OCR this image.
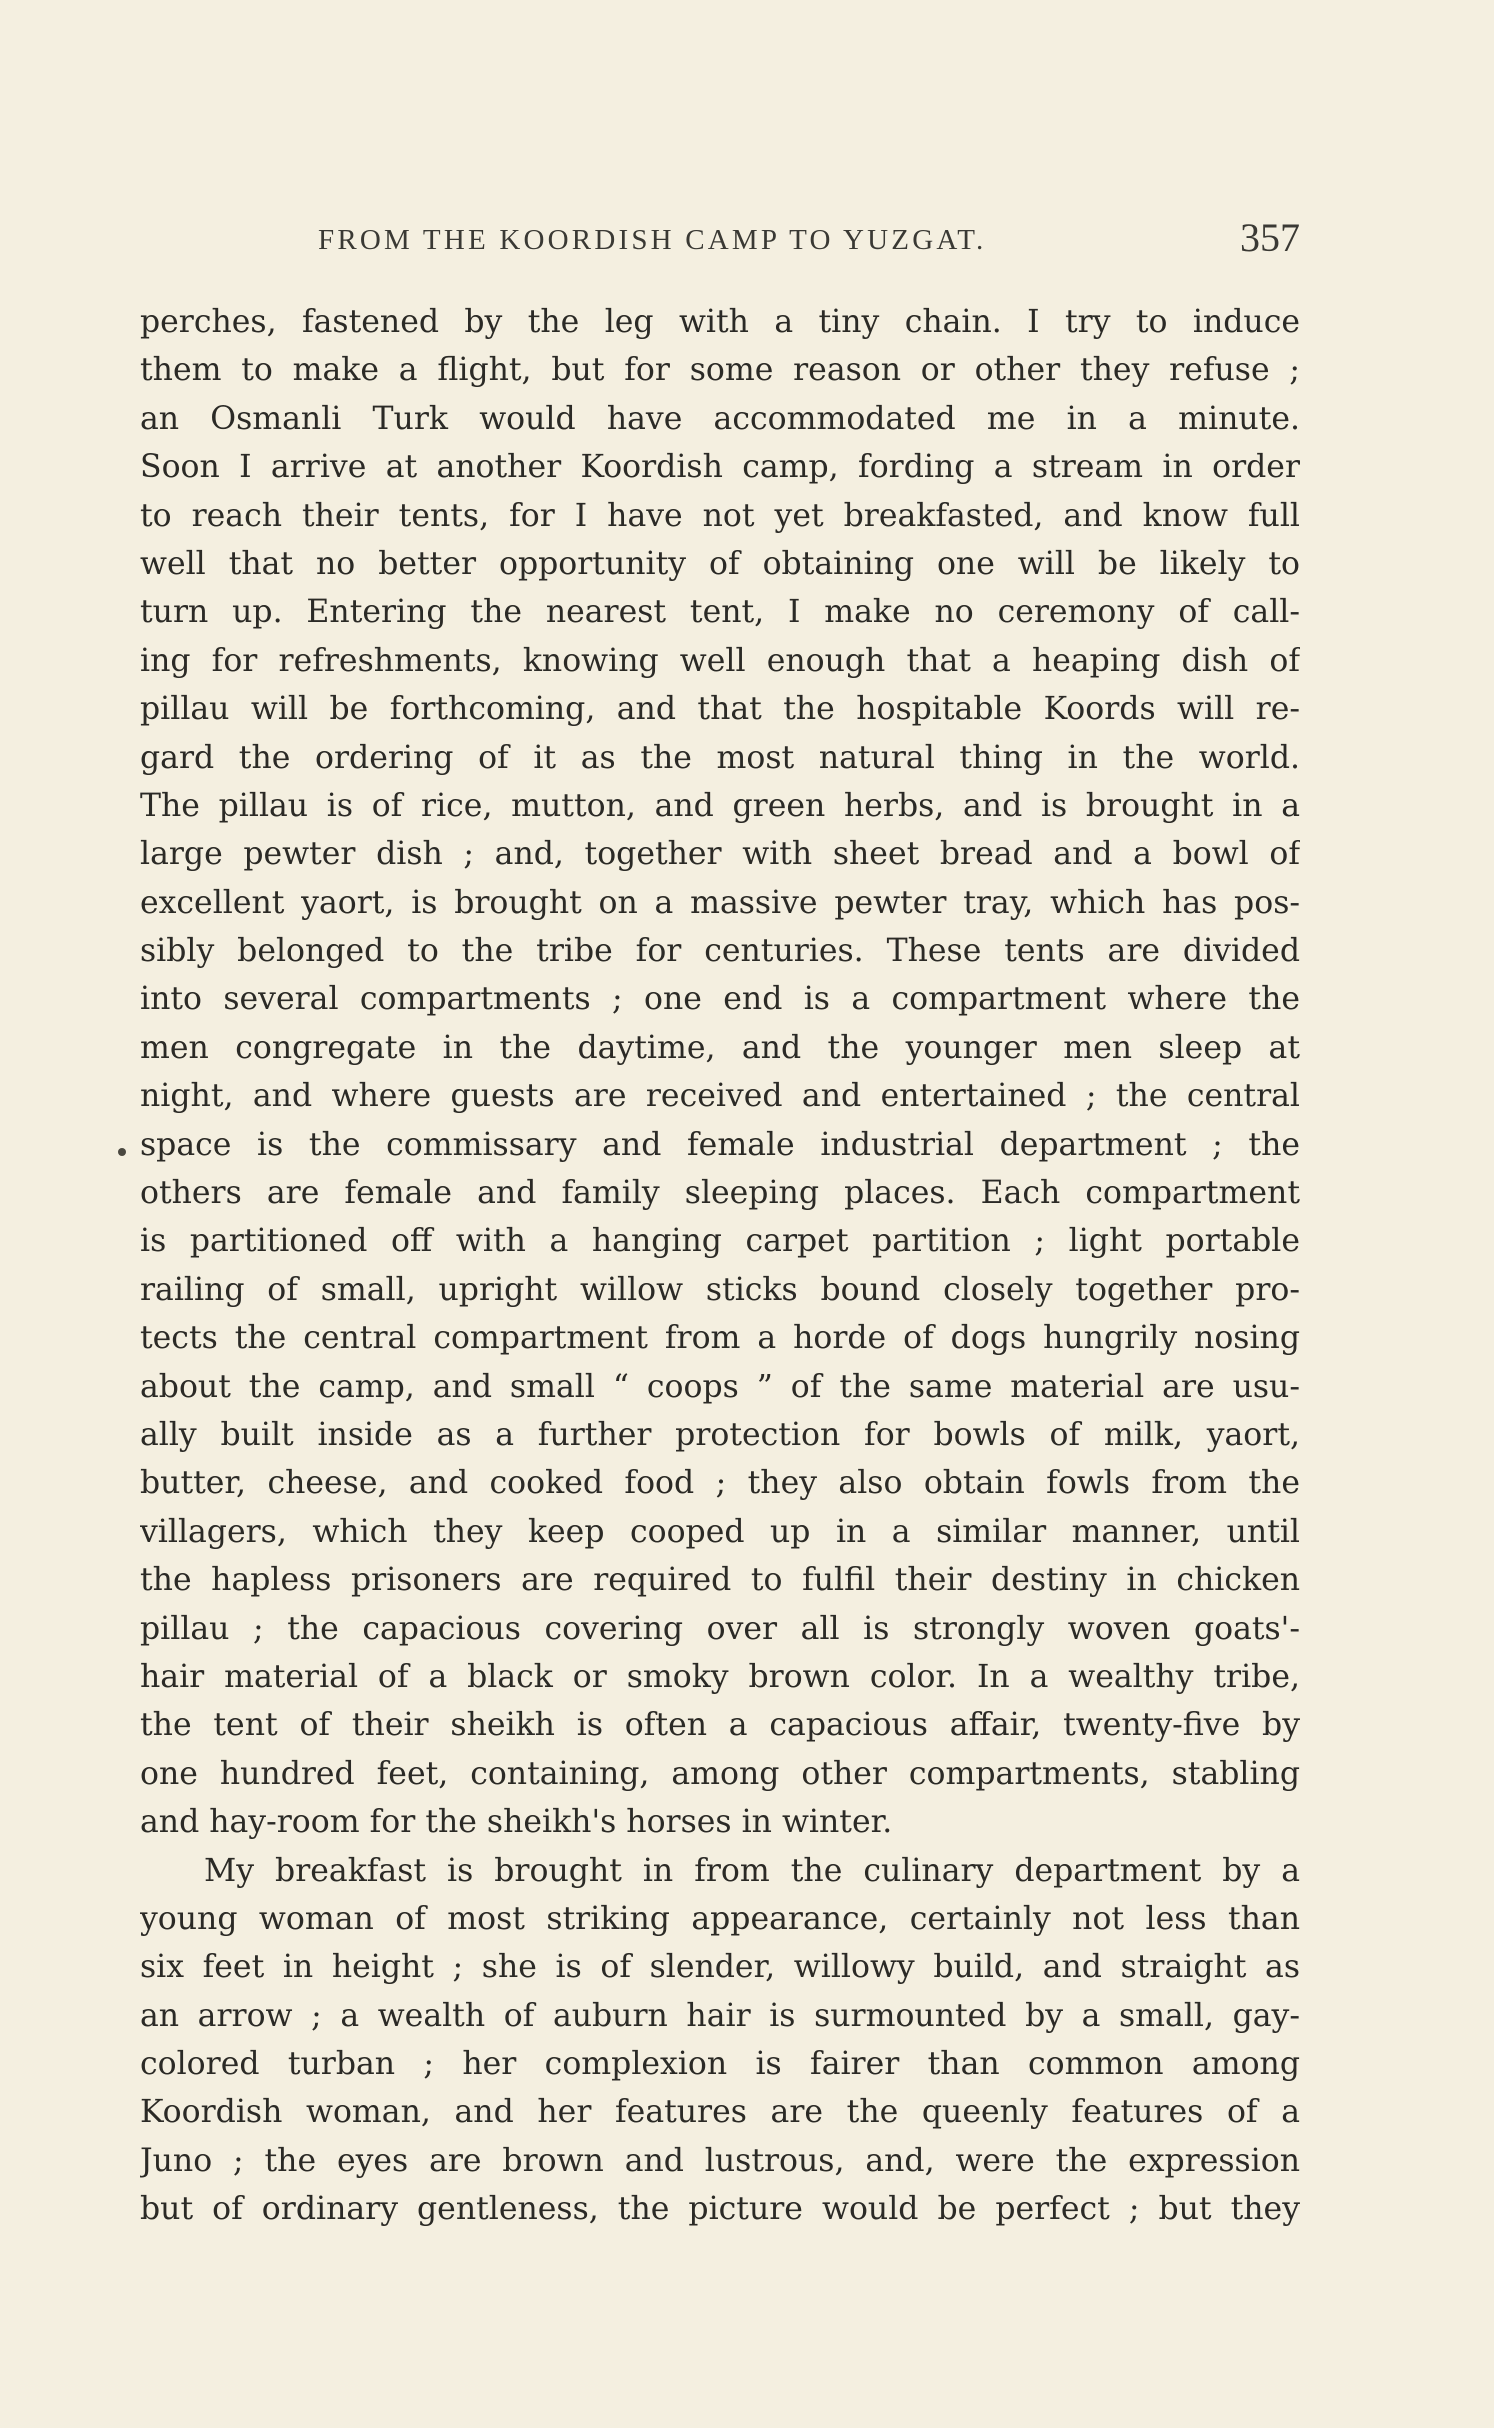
FROM THE KOORDISH CAMP TO YUZGAT.	357
perches, fastened by the leg with a tiny chain. I try to induce
them to make a flight, but for some reason or other they refuse ;
an Osmanli Turk would have accommodated me in a minute.
Soon I arrive at another Koordish camp, fording a stream in order
to reach their tents, for I have not yet breakfasted, and know full
well that no better opportunity of obtaining one will be likely to
turn up. Entering the nearest tent, I make no ceremony of call-
ing for refreshments, knowing well enough that a heaping dish of
pillau will be forthcoming, and that the hospitable Koords will re-
gard the ordering of it as the most natural thing in the world.
The pillau is of rice, mutton, and green herbs, and is brought in a
large pewter dish ; and, together with sheet bread and a bowl of
excellent yaort, is brought on a massive pewter tray, which has pos-
sibly belonged to the tribe for centuries. These tents are divided
into several compartments ; one end is a compartment where the
men congregate in the daytime, and the younger men sleep at
night, and where guests are received and entertained ; the central
space is the commissary and female industrial department ; the
others are female and family sleeping places. Each compartment
is partitioned off with a hanging carpet partition ; light portable
railing of small, upright willow sticks bound closely together pro-
tects the central compartment from a horde of dogs hungrily nosing
about the camp, and small “ coops ” of the same material are usu-
ally built inside as a further protection for bowls of milk, yaort,
butter, cheese, and cooked food ; they also obtain fowls from the
villagers, which they keep cooped up in a similar manner, until
the hapless prisoners are required to fulfil their destiny in chicken
pillau ; the capacious covering over all is strongly woven goats'-
hair material of a black or smoky brown color. In a wealthy tribe,
the tent of their sheikh is often a capacious affair, twenty-five by
one hundred feet, containing, among other compartments, stabling
and hay-room for the sheikh's horses in winter.
My breakfast is brought in from the culinary department by a
young woman of most striking appearance, certainly not less than
six feet in height ; she is of slender, willowy build, and straight as
an arrow ; a wealth of auburn hair is surmounted by a small, gay-
colored turban ; her complexion is fairer than common among
Koordish woman, and her features are the queenly features of a
Juno ; the eyes are brown and lustrous, and, were the expression
but of ordinary gentleness, the picture would be perfect ; but they
